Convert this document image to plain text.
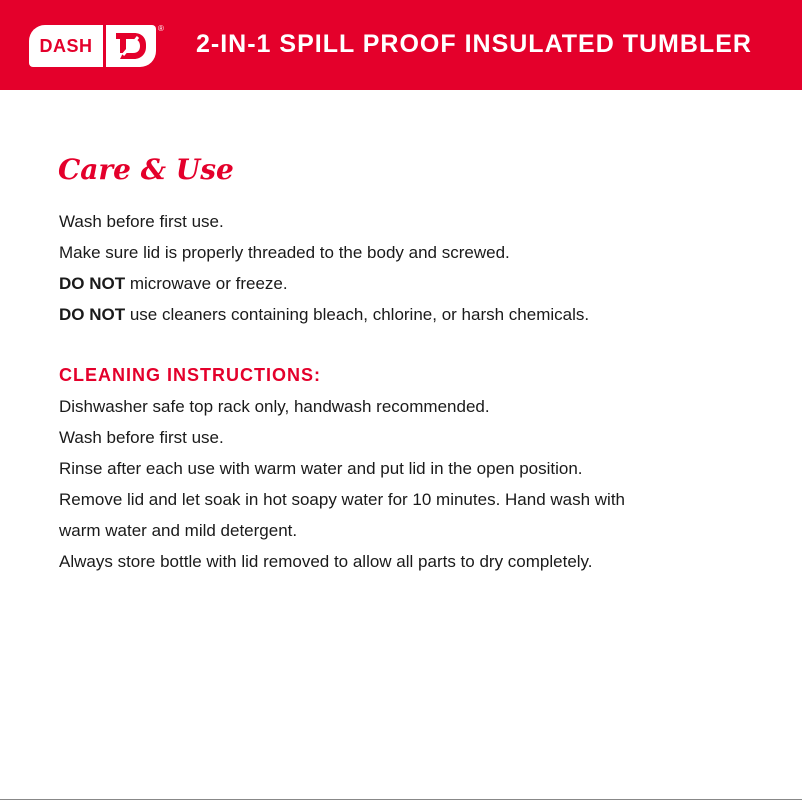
DASH
®
2-IN-1 SPILL PROOF INSULATED TUMBLER
Care & Use
Wash before first use.
Make sure lid is properly threaded to the body and screwed.
DO NOT microwave or freeze.
DO NOT use cleaners containing bleach, chlorine, or harsh chemicals.
CLEANING INSTRUCTIONS:
Dishwasher safe top rack only, handwash recommended.
Wash before first use.
Rinse after each use with warm water and put lid in the open position.
Remove lid and let soak in hot soapy water for 10 minutes. Hand wash with
warm water and mild detergent.
Always store bottle with lid removed to allow all parts to dry completely.
